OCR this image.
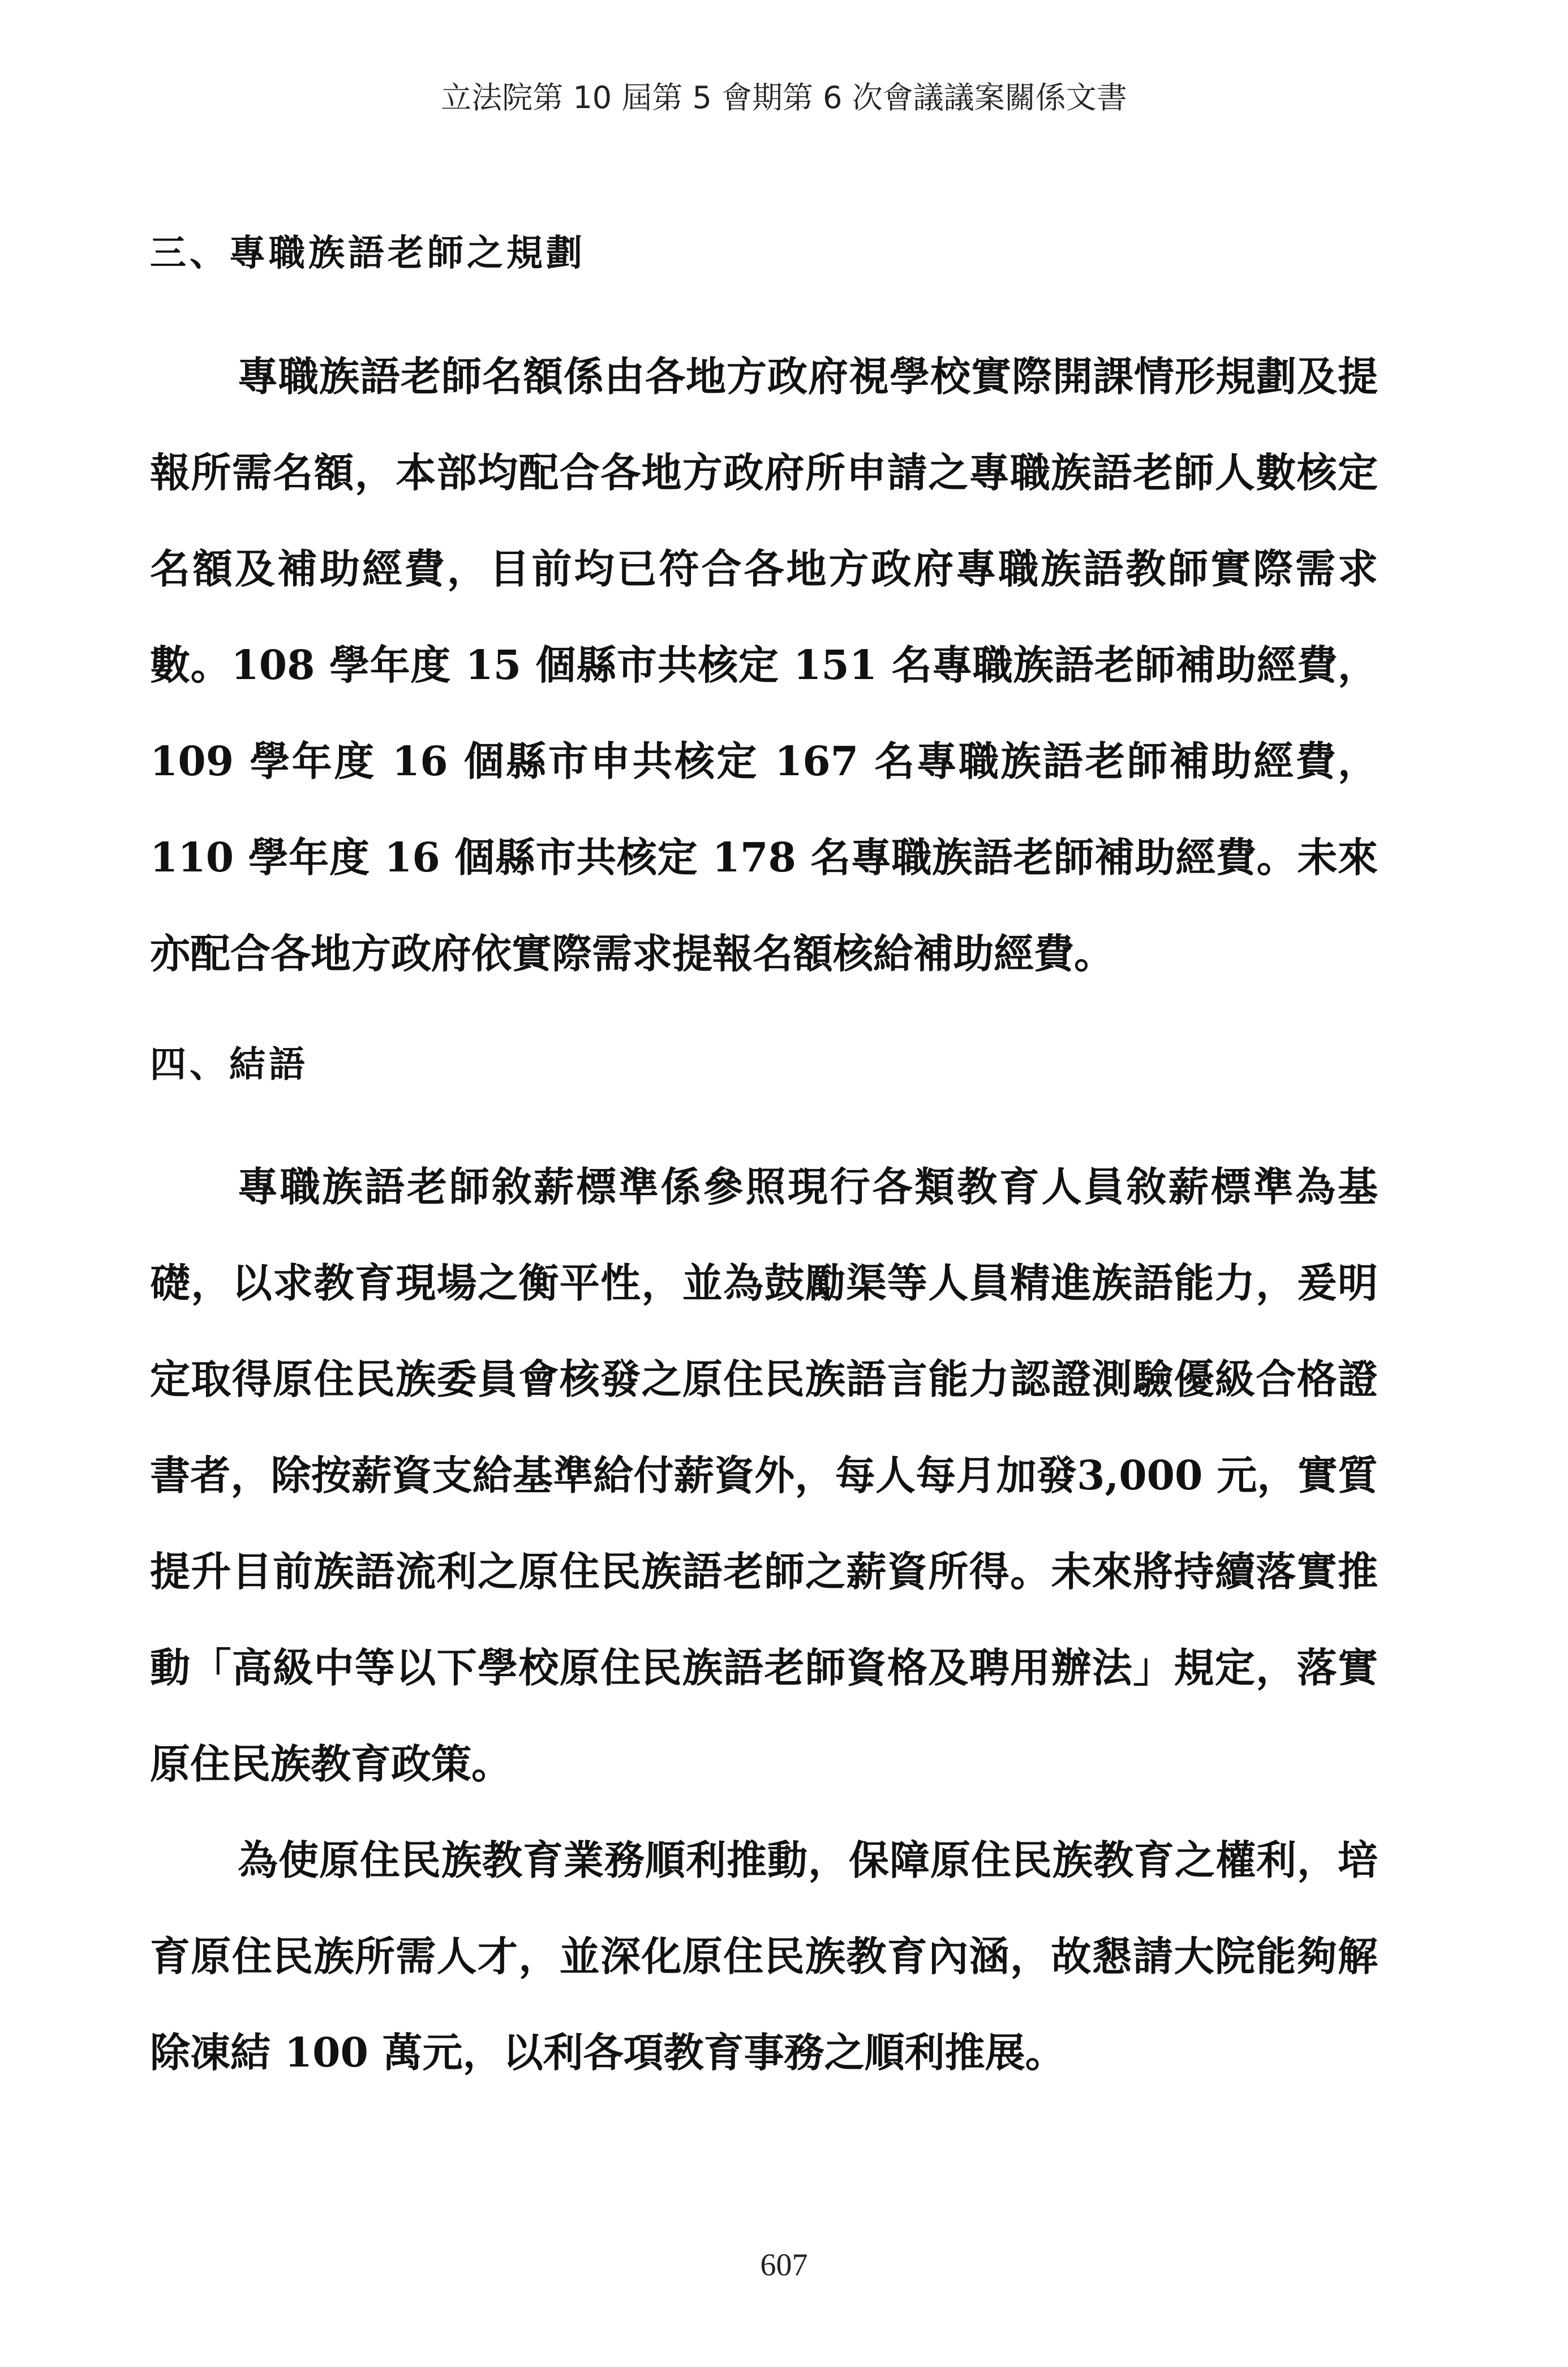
立法院第 10 屆第 5 會期第 6 次會議議案關係文書
三、專職族語老師之規劃

專職族語老師名額係由各地方政府視學校實際開課情形規劃及提報所需名額，本部均配合各地方政府所申請之專職族語老師人數核定名額及補助經費，目前均已符合各地方政府專職族語教師實際需求數。108 學年度 15 個縣市共核定 151 名專職族語老師補助經費，109 學年度 16 個縣市申共核定 167 名專職族語老師補助經費，110 學年度 16 個縣市共核定 178 名專職族語老師補助經費。未來亦配合各地方政府依實際需求提報名額核給補助經費。

四、結語

專職族語老師敘薪標準係參照現行各類教育人員敘薪標準為基礎，以求教育現場之衡平性，並為鼓勵渠等人員精進族語能力，爰明定取得原住民族委員會核發之原住民族語言能力認證測驗優級合格證書者，除按薪資支給基準給付薪資外，每人每月加發3,000 元，實質提升目前族語流利之原住民族語老師之薪資所得。未來將持續落實推動「高級中等以下學校原住民族語老師資格及聘用辦法」規定，落實原住民族教育政策。

為使原住民族教育業務順利推動，保障原住民族教育之權利，培育原住民族所需人才，並深化原住民族教育內涵，故懇請大院能夠解除凍結 100 萬元，以利各項教育事務之順利推展。

607
